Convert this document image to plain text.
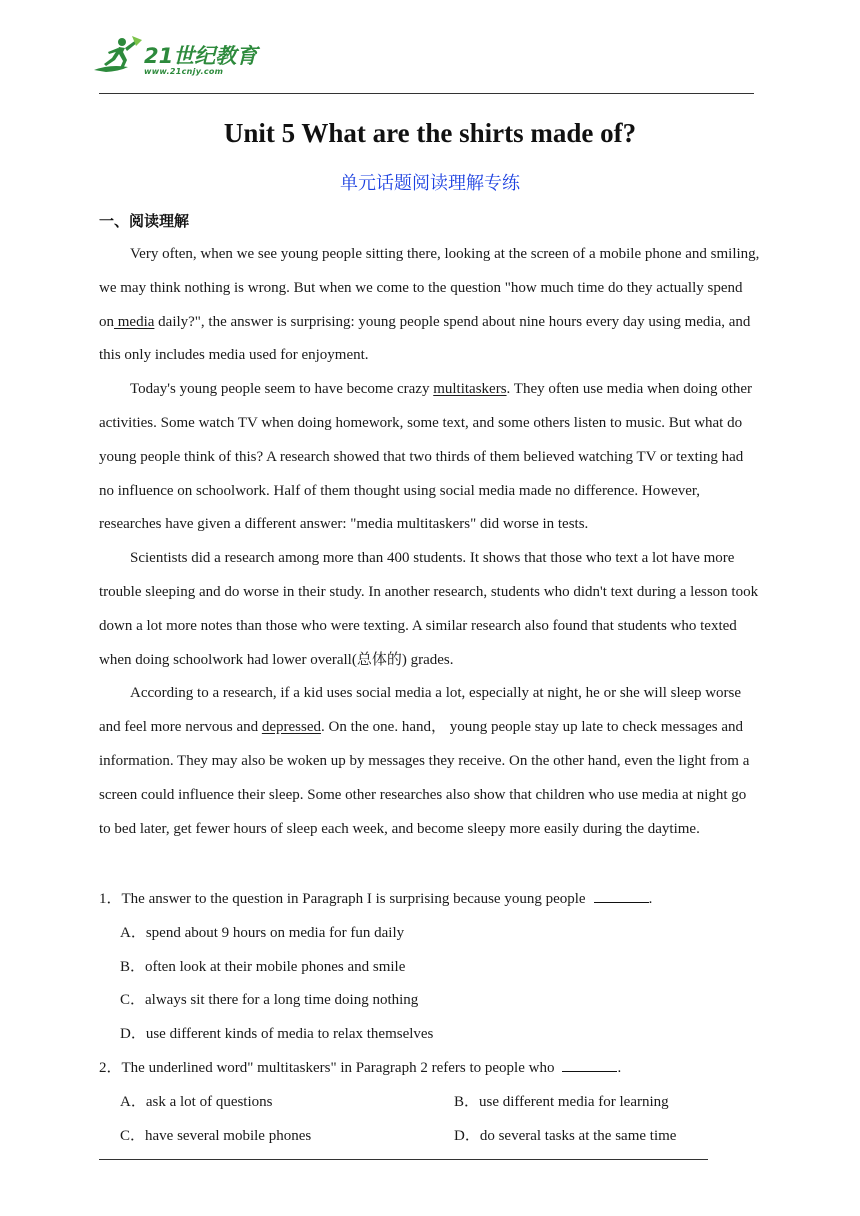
21世纪教育
www.21cnjy.com
Unit 5 What are the shirts made of?
单元话题阅读理解专练
一、阅读理解

Very often, when we see young people sitting there, looking at the screen of a mobile phone and smiling, we may think nothing is wrong. But when we come to the question "how much time do they actually spend on media daily?", the answer is surprising: young people spend about nine hours every day using media, and this only includes media used for enjoyment.

Today's young people seem to have become crazy multitaskers. They often use media when doing other activities. Some watch TV when doing homework, some text, and some others listen to music. But what do young people think of this? A research showed that two thirds of them believed watching TV or texting had no influence on schoolwork. Half of them thought using social media made no difference. However, researches have given a different answer: "media multitaskers" did worse in tests.

Scientists did a research among more than 400 students. It shows that those who text a lot have more trouble sleeping and do worse in their study. In another research, students who didn't text during a lesson took down a lot more notes than those who were texting. A similar research also found that students who texted when doing schoolwork had lower overall(总体的) grades.

According to a research, if a kid uses social media a lot, especially at night, he or she will sleep worse and feel more nervous and depressed. On the one. hand， young people stay up late to check messages and information. They may also be woken up by messages they receive. On the other hand, even the light from a screen could influence their sleep. Some other researches also show that children who use media at night go to bed later, get fewer hours of sleep each week, and become sleepy more easily during the daytime.

1．The answer to the question in Paragraph I is surprising because young people	.
A．spend about 9 hours on media for fun daily
B．often look at their mobile phones and smile
C．always sit there for a long time doing nothing
D．use different kinds of media to relax themselves
2．The underlined word" multitaskers" in Paragraph 2 refers to people who	.
A．ask a lot of questions	B．use different media for learning
C．have several mobile phones	D．do several tasks at the same time
